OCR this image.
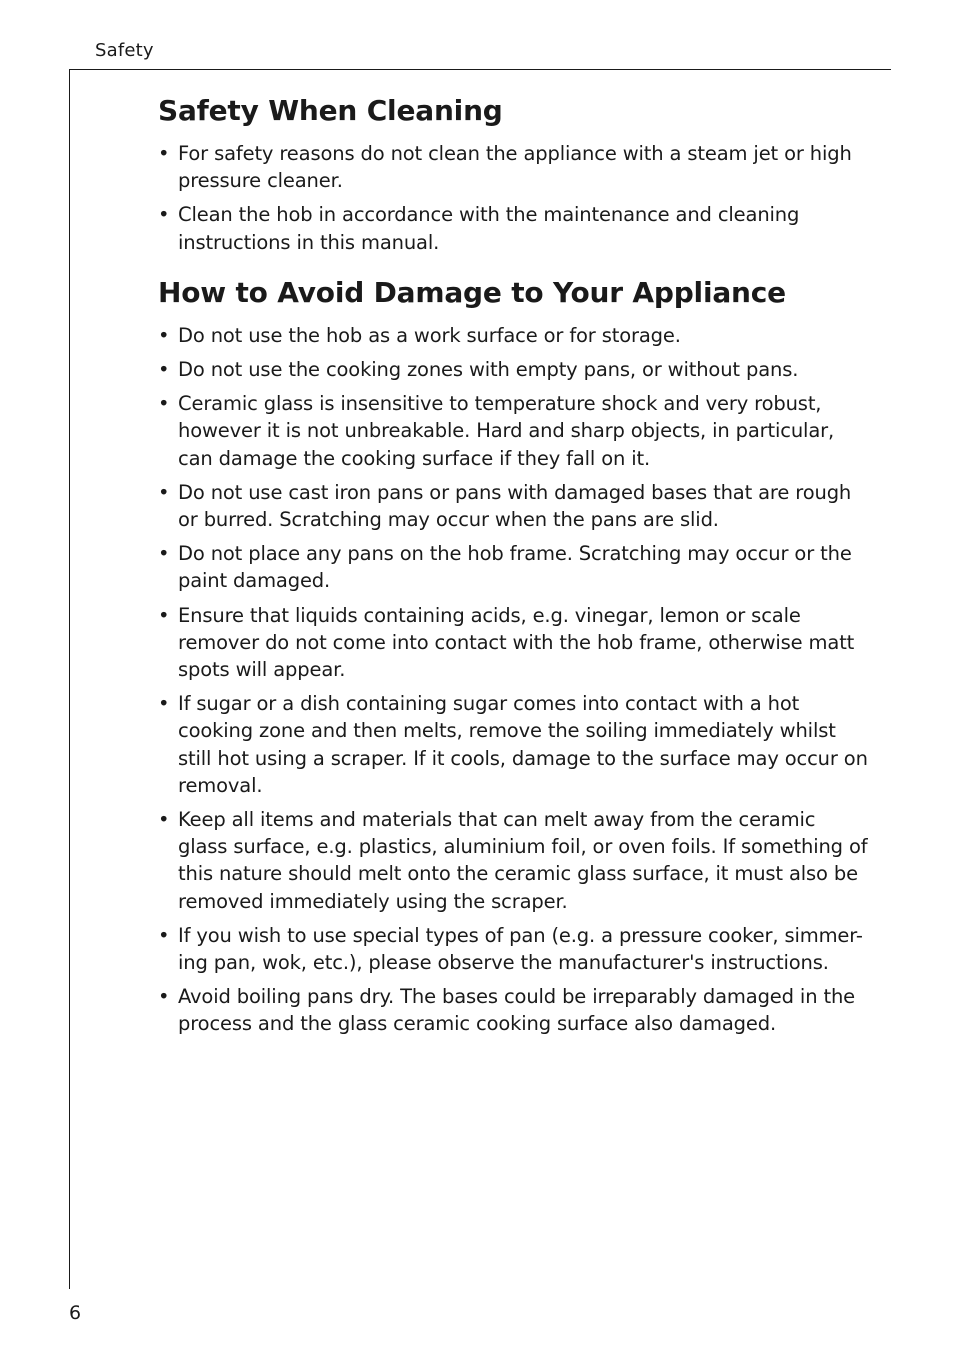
Safety
Safety When Cleaning
• For safety reasons do not clean the appliance with a steam jet or high pressure cleaner.
• Clean the hob in accordance with the maintenance and cleaning instructions in this manual.
How to Avoid Damage to Your Appliance
• Do not use the hob as a work surface or for storage.
• Do not use the cooking zones with empty pans, or without pans.
• Ceramic glass is insensitive to temperature shock and very robust, however it is not unbreakable. Hard and sharp objects, in particular, can damage the cooking surface if they fall on it.
• Do not use cast iron pans or pans with damaged bases that are rough or burred. Scratching may occur when the pans are slid.
• Do not place any pans on the hob frame. Scratching may occur or the paint damaged.
• Ensure that liquids containing acids, e.g. vinegar, lemon or scale remover do not come into contact with the hob frame, otherwise matt spots will appear.
• If sugar or a dish containing sugar comes into contact with a hot cooking zone and then melts, remove the soiling immediately whilst still hot using a scraper. If it cools, damage to the surface may occur on removal.
• Keep all items and materials that can melt away from the ceramic glass surface, e.g. plastics, aluminium foil, or oven foils. If something of this nature should melt onto the ceramic glass surface, it must also be removed immediately using the scraper.
• If you wish to use special types of pan (e.g. a pressure cooker, simmer-ing pan, wok, etc.), please observe the manufacturer's instructions.
• Avoid boiling pans dry. The bases could be irreparably damaged in the process and the glass ceramic cooking surface also damaged.
6
